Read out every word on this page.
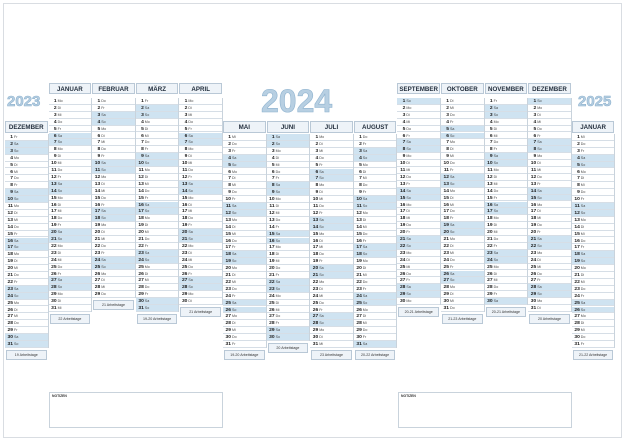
DEZEMBER
1Fr
2Sa
3So
4Mo
5Di
6Mi
7Do
8Fr
9Sa
10So
11Mo
12Di
13Mi
14Do
15Fr
16Sa
17So
18Mo
19Di
20Mi
21Do
22Fr
23Sa
24So
25Mo
26Di
27Mi
28Do
29Fr
30Sa
31So
19 Arbeitstage
JANUAR
1Mo
2Di
3Mi
4Do
5Fr
6Sa
7So
8Mo
9Di
10Mi
11Do
12Fr
13Sa
14So
15Mo
16Di
17Mi
18Do
19Fr
20Sa
21So
22Mo
23Di
24Mi
25Do
26Fr
27Sa
28So
29Mo
30Di
31Mi
22 Arbeitstage
FEBRUAR
1Do
2Fr
3Sa
4So
5Mo
6Di
7Mi
8Do
9Fr
10Sa
11So
12Mo
13Di
14Mi
15Do
16Fr
17Sa
18So
19Mo
20Di
21Mi
22Do
23Fr
24Sa
25So
26Mo
27Di
28Mi
29Do
21 Arbeitstage
MÄRZ
1Fr
2Sa
3So
4Mo
5Di
6Mi
7Do
8Fr
9Sa
10So
11Mo
12Di
13Mi
14Do
15Fr
16Sa
17So
18Mo
19Di
20Mi
21Do
22Fr
23Sa
24So
25Mo
26Di
27Mi
28Do
29Fr
30Sa
31So
19-20 Arbeitstage
APRIL
1Mo
2Di
3Mi
4Do
5Fr
6Sa
7So
8Mo
9Di
10Mi
11Do
12Fr
13Sa
14So
15Mo
16Di
17Mi
18Do
19Fr
20Sa
21So
22Mo
23Di
24Mi
25Do
26Fr
27Sa
28So
29Mo
30Di
21 Arbeitstage
MAI
1Mi
2Do
3Fr
4Sa
5So
6Mo
7Di
8Mi
9Do
10Fr
11Sa
12So
13Mo
14Di
15Mi
16Do
17Fr
18Sa
19So
20Mo
21Di
22Mi
23Do
24Fr
25Sa
26So
27Mo
28Di
29Mi
30Do
31Fr
19-20 Arbeitstage
JUNI
1Sa
2So
3Mo
4Di
5Mi
6Do
7Fr
8Sa
9So
10Mo
11Di
12Mi
13Do
14Fr
15Sa
16So
17Mo
18Di
19Mi
20Do
21Fr
22Sa
23So
24Mo
25Di
26Mi
27Do
28Fr
29Sa
30So
20 Arbeitstage
JULI
1Mo
2Di
3Mi
4Do
5Fr
6Sa
7So
8Mo
9Di
10Mi
11Do
12Fr
13Sa
14So
15Mo
16Di
17Mi
18Do
19Fr
20Sa
21So
22Mo
23Di
24Mi
25Do
26Fr
27Sa
28So
29Mo
30Di
31Mi
23 Arbeitstage
AUGUST
1Do
2Fr
3Sa
4So
5Mo
6Di
7Mi
8Do
9Fr
10Sa
11So
12Mo
13Di
14Mi
15Do
16Fr
17Sa
18So
19Mo
20Di
21Mi
22Do
23Fr
24Sa
25So
26Mo
27Di
28Mi
29Do
30Fr
31Sa
20-22 Arbeitstage
SEPTEMBER
1So
2Mo
3Di
4Mi
5Do
6Fr
7Sa
8So
9Mo
10Di
11Mi
12Do
13Fr
14Sa
15So
16Mo
17Di
18Mi
19Do
20Fr
21Sa
22So
23Mo
24Di
25Mi
26Do
27Fr
28Sa
29So
30Mo
20-21 Arbeitstage
OKTOBER
1Di
2Mi
3Do
4Fr
5Sa
6So
7Mo
8Di
9Mi
10Do
11Fr
12Sa
13So
14Mo
15Di
16Mi
17Do
18Fr
19Sa
20So
21Mo
22Di
23Mi
24Do
25Fr
26Sa
27So
28Mo
29Di
30Mi
31Do
21-23 Arbeitstage
NOVEMBER
1Fr
2Sa
3So
4Mo
5Di
6Mi
7Do
8Fr
9Sa
10So
11Mo
12Di
13Mi
14Do
15Fr
16Sa
17So
18Mo
19Di
20Mi
21Do
22Fr
23Sa
24So
25Mo
26Di
27Mi
28Do
29Fr
30Sa
20-21 Arbeitstage
DEZEMBER
1So
2Mo
3Di
4Mi
5Do
6Fr
7Sa
8So
9Mo
10Di
11Mi
12Do
13Fr
14Sa
15So
16Mo
17Di
18Mi
19Do
20Fr
21Sa
22So
23Mo
24Di
25Mi
26Do
27Fr
28Sa
29So
30Mo
31Di
20 Arbeitstage
JANUAR
1Mi
2Do
3Fr
4Sa
5So
6Mo
7Di
8Mi
9Do
10Fr
11Sa
12So
13Mo
14Di
15Mi
16Do
17Fr
18Sa
19So
20Mo
21Di
22Mi
23Do
24Fr
25Sa
26So
27Mo
28Di
29Mi
30Do
31Fr
21-22 Arbeitstage
2023	2024	2025
NOTIZEN	NOTIZEN
